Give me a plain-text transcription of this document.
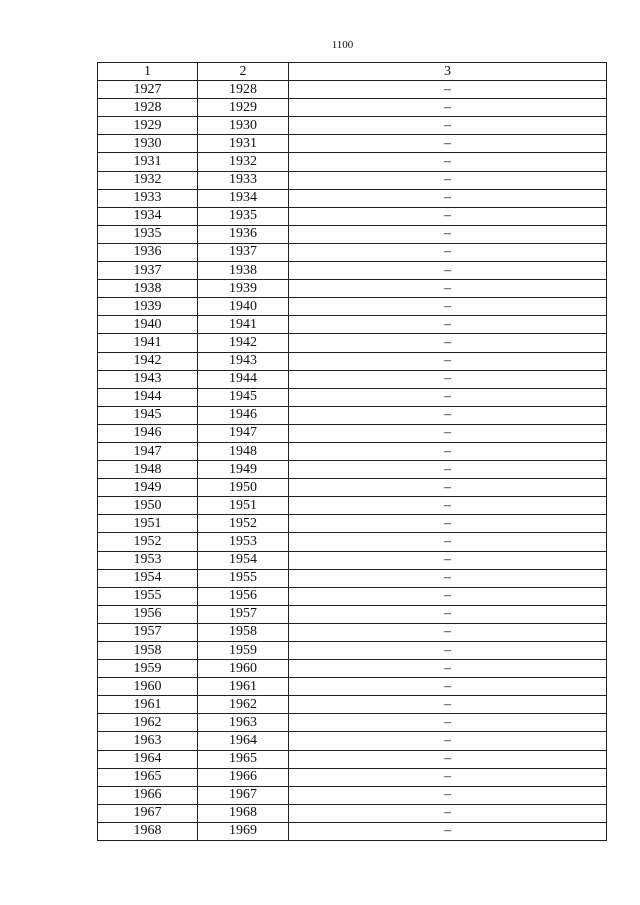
1100
1	2	3
1927	1928	–
1928	1929	–
1929	1930	–
1930	1931	–
1931	1932	–
1932	1933	–
1933	1934	–
1934	1935	–
1935	1936	–
1936	1937	–
1937	1938	–
1938	1939	–
1939	1940	–
1940	1941	–
1941	1942	–
1942	1943	–
1943	1944	–
1944	1945	–
1945	1946	–
1946	1947	–
1947	1948	–
1948	1949	–
1949	1950	–
1950	1951	–
1951	1952	–
1952	1953	–
1953	1954	–
1954	1955	–
1955	1956	–
1956	1957	–
1957	1958	–
1958	1959	–
1959	1960	–
1960	1961	–
1961	1962	–
1962	1963	–
1963	1964	–
1964	1965	–
1965	1966	–
1966	1967	–
1967	1968	–
1968	1969	–
